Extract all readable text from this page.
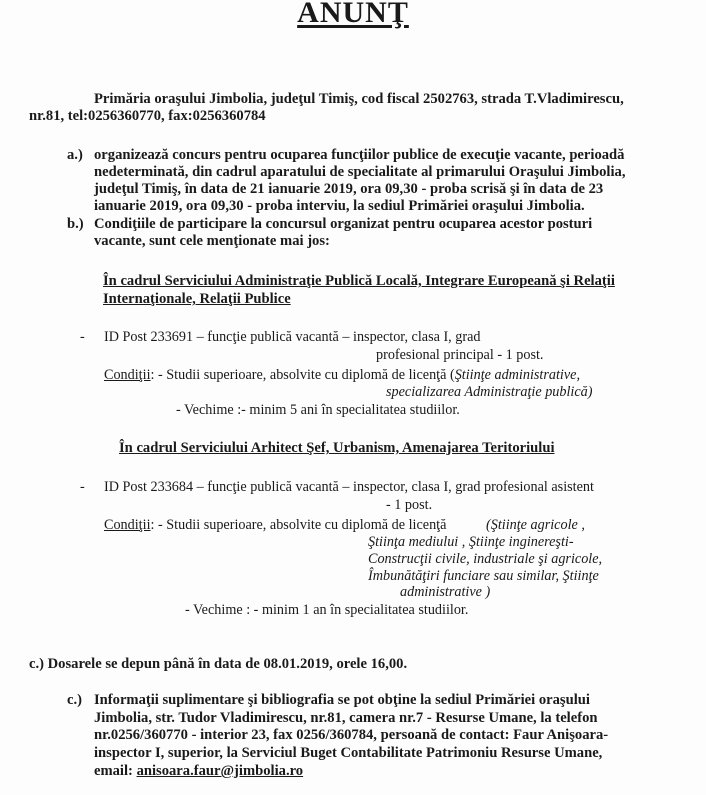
ANUNŢ
Primăria oraşului Jimbolia, judeţul Timiş, cod fiscal 2502763, strada T.Vladimirescu,
nr.81, tel:0256360770, fax:0256360784
a.) organizează concurs pentru ocuparea funcţiilor publice de execuţie vacante, perioadă
nedeterminată, din cadrul aparatului de specialitate al primarului Oraşului Jimbolia,
judeţul Timiş, în data de 21 ianuarie 2019, ora 09,30 - proba scrisă şi în data de 23
ianuarie 2019, ora 09,30 - proba interviu, la sediul Primăriei oraşului Jimbolia.
b.) Condiţiile de participare la concursul organizat pentru ocuparea acestor posturi
vacante, sunt cele menţionate mai jos:
În cadrul Serviciului Administraţie Publică Locală, Integrare Europeană şi Relaţii
Internaţionale, Relaţii Publice
- ID Post 233691 – funcţie publică vacantă – inspector, clasa I, grad
profesional principal - 1 post.
Condiţii: - Studii superioare, absolvite cu diplomă de licenţă (Ştiinţe administrative,
specializarea Administraţie publică)
- Vechime :- minim 5 ani în specialitatea studiilor.
În cadrul Serviciului Arhitect Şef, Urbanism, Amenajarea Teritoriului
- ID Post 233684 – funcţie publică vacantă – inspector, clasa I, grad profesional asistent
- 1 post.
Condiţii: - Studii superioare, absolvite cu diplomă de licenţă	(Ştiinţe agricole ,
Ştiinţa mediului , Ştiinţe inginereşti-
Construcţii civile, industriale şi agricole,
Îmbunătăţiri funciare sau similar, Ştiinţe
administrative )
- Vechime : - minim 1 an în specialitatea studiilor.
c.) Dosarele se depun până în data de 08.01.2019, orele 16,00.
c.) Informaţii suplimentare şi bibliografia se pot obţine la sediul Primăriei oraşului
Jimbolia, str. Tudor Vladimirescu, nr.81, camera nr.7 - Resurse Umane, la telefon
nr.0256/360770 - interior 23, fax 0256/360784, persoană de contact: Faur Anişoara-
inspector I, superior, la Serviciul Buget Contabilitate Patrimoniu Resurse Umane,
email: anisoara.faur@jimbolia.ro
